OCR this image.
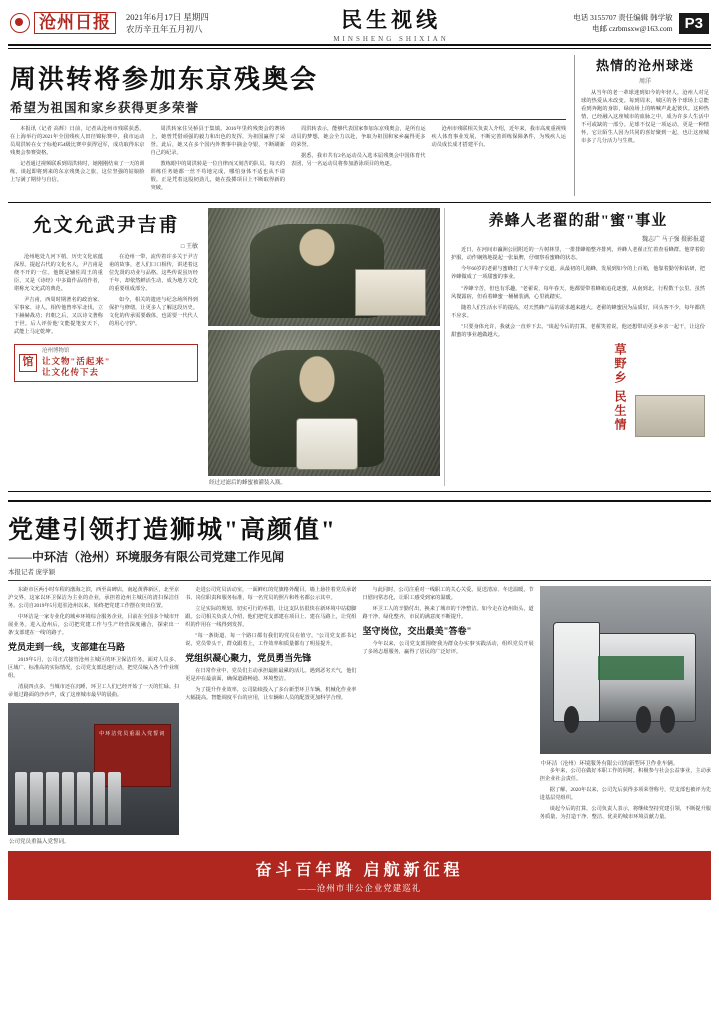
沧州日报	2021年6月17日 星期四
农历辛丑年五月初八	民生视线
MINSHENG SHIXIAN
电话 3155707 责任编辑 韩学敏
电邮 czrbmsxw@163.com P3
周洪转将参加东京残奥会
希望为祖国和家乡获得更多荣誉

本报讯（记者 高辉）日前，记者从沧州市残联获悉，在上海举行的2021年全国残疾人田径锦标赛中，我市运动员周洪转在女子标枪F54级比赛中获得冠军，成功取得东京残奥会参赛资格。

记者通过视频联系到周洪转时，她刚刚结束了一天的训练，谈起即将到来的东京残奥会之旅，这位坚强的姑娘脸上写满了期待与自信。

周洪转家住吴桥县于集镇。2016年里约残奥会的赛场上，她曾凭借顽强的毅力和出色的发挥，为祖国赢得了荣誉。此后，她又在多个国内外赛事中摘金夺银，不断刷新自己的纪录。

教练眼中的周洪转是一位自律而又刻苦的队员。每天的训练任务她都一丝不苟地完成，哪怕身体不适也从不请假。正是凭着这股韧劲儿，她在投掷项目上不断取得新的突破。

周洪转表示，能够代表国家参加东京残奥会，是所有运动员的梦想，她会全力以赴，争取为祖国和家乡赢得更多的荣誉。

据悉，我市共有2名运动员入选本届残奥会中国体育代表团，另一名运动员将参加游泳项目的角逐。

沧州市残联相关负责人介绍，近年来，我市高度重视残疾人体育事业发展，不断完善训练保障条件，为残疾人运动员成长成才搭建平台。

热情的沧州球迷
周洋

从当年的老一辈球迷到如今的年轻人，沧州人对足球的热爱从未改变。每到周末，城区的各个球场上总能看到奔跑的身影，绿茵场上的呐喊声此起彼伏。这种热情，已经融入这座城市的血脉之中，成为许多人生活中不可或缺的一部分。足球不仅是一项运动，更是一种情怀，它让陌生人因为共同的喜好聚到一起，也让这座城市多了几分活力与生机。

允文允武尹吉甫
□ 王敏

沧州地处九河下梢，历史文化底蕴深厚。提起古代的文化名人，尹吉甫是绕不开的一位。他既是辅佐周王的重臣，又是《诗经》中多篇作品的作者，堪称允文允武的典范。

尹吉甫，西周时期著名的政治家、军事家、诗人。相传他曾率军北伐，立下赫赫战功；归朝之后，又以诗文著称于世。后人评价他'文能提笔安天下，武能上马定乾坤'。

在沧州一带，流传着许多关于尹吉甫的故事。老人们口口相传，讲述着这位先贤的功业与品格。这些传说虽历经千年，却依然鲜活生动，成为地方文化的重要组成部分。

如今，相关的遗迹与纪念场所得到保护与修缮，让更多人了解这段历史。文化的传承需要载体，也需要一代代人的用心守护。

馆
沧州博物馆
让文物"活起来"
让文化传下去
经过过滤后的蜂蜜被灌装入瓶。
养蜂人老翟的甜"蜜"事业
魏志广 马子强 摄影报道

近日，在河间市瀛洲公园附近的一片树林里，一排排蜂箱整齐排列，养蜂人老翟正忙着查看蜂群。他穿着防护服，动作娴熟地提起一张巢脾，仔细察看蜜蜂的状态。

今年60岁的老翟与蜜蜂打了大半辈子交道。从最初的几箱蜂，发展到如今的上百箱，他靠着勤劳和钻研，把养蜂做成了一项甜蜜的事业。

"养蜂辛苦，但也有乐趣。"老翟说，每年春天，他都要带着蜂箱追花逐蜜，从南到北，行程数千公里。虽然风餐露宿，但看着蜂蜜一桶桶装满，心里就踏实。

随着人们生活水平的提高，对天然蜂产品的需求越来越大。老翟的蜂蜜因为品质好，回头客不少，每年都供不应求。

"只要身体允许，我就会一直养下去。"谈起今后的打算，老翟笑着说，他还想带动更多乡亲一起干，让这份甜蜜的事业越做越大。

草野乡 民生情
党建引领打造狮城"高颜值"
——中环洁（沧州）环境服务有限公司党建工作见闻
本报记者 庞学颖

东距市区两小时车程的渤海之滨，西至高碑店，南起黄骅新区，北至京沪交界，这家以环卫保洁为主业的企业，承担着沧州主城区的清扫保洁任务。公司自2019年5月进驻沧州以来，始终把党建工作摆在突出位置。

中环洁是一家专业化的城乡环境综合服务企业，目前在全国多个城市开展业务。进入沧州后，公司把党建工作与生产经营深度融合，探索出一条'支部建在一线'的路子。

党员走到一线，支部建在马路

2019年5月，公司正式接管沧州主城区的环卫保洁任务。面对人员多、区域广、标准高的实际情况，公司党支部迅速行动，把党员编入各个作业班组。

清晨四点多，当城市还在沉睡，环卫工人们已经开始了一天的忙碌。扫帚划过路面的沙沙声，成了这座城市最早的晨曲。

中环洁党员重温入党誓词
公司党员重温入党誓词。

走进公司党员活动室，一面鲜红的党旗格外醒目。墙上悬挂着党员承诺书、岗位职责和服务标准，每一名党员的照片和姓名都公示其中。

立足实际的规划、切实可行的举措，让这支队伍很快在新环境中站稳脚跟。公司相关负责人介绍，他们把党支部建在项目上、建在马路上，让党组织的作用在一线得到发挥。

"每一条街道、每一个路口都有我们的党员在值守。"公司党支部书记说，党员带头干，群众跟着上，工作效率和质量都有了明显提升。

党组织凝心聚力，党员勇当先锋

在日常作业中，党员们主动承担最脏最累的活儿。遇到恶劣天气，他们更是冲在最前面，确保道路畅通、环境整洁。

为了提升作业效率，公司陆续投入了多台新型环卫车辆，机械化作业率大幅提高。智能调度平台的应用，让车辆和人员的配置更加科学合理。

与此同时，公司注重对一线职工的关心关爱。夏送清凉、冬送温暖，节日慰问常态化，让职工感受到家的温暖。

环卫工人的辛勤付出，换来了城市的干净整洁。如今走在沧州街头，道路干净、绿化整齐，市民的满意度不断提升。

坚守岗位，交出最美"答卷"

今年以来，公司党支部围绕'我为群众办实事'实践活动，组织党员开展了多场志愿服务，赢得了居民的广泛好评。

中环洁（沧州）环境服务有限公司的新型环卫作业车辆。

多年来，公司在做好本职工作的同时，积极参与社会公益事业，主动承担企业社会责任。

据了解，2020年以来，公司先后获得多项荣誉称号，党支部也被评为先进基层党组织。

谈起今后的打算，公司负责人表示，将继续坚持党建引领，不断提升服务质量，为打造干净、整洁、优美的城市环境贡献力量。

奋斗百年路 启航新征程
——沧州市非公企业党建巡礼
